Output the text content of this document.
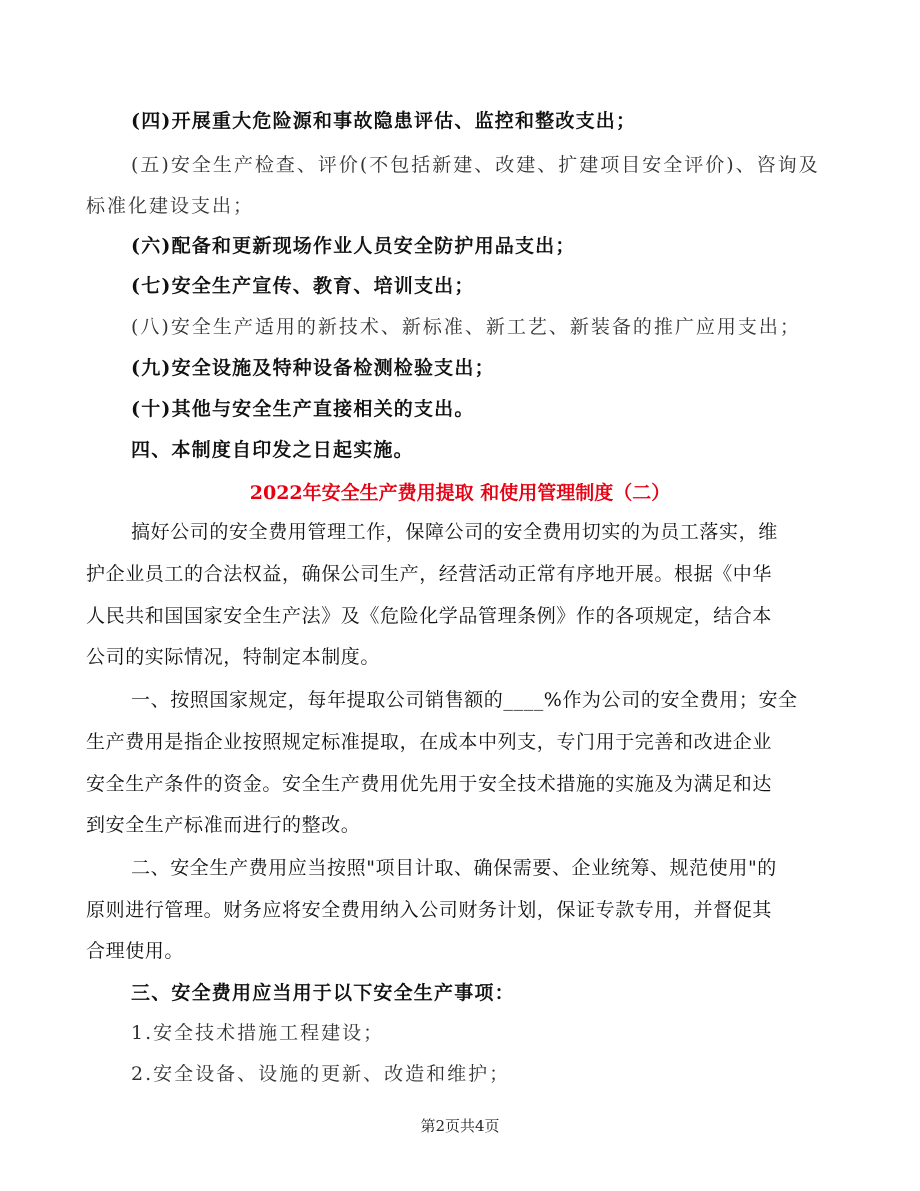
(四)开展重大危险源和事故隐患评估、监控和整改支出；
(五)安全生产检查、评价(不包括新建、改建、扩建项目安全评价)、咨询及
标准化建设支出；
(六)配备和更新现场作业人员安全防护用品支出；
(七)安全生产宣传、教育、培训支出；
(八)安全生产适用的新技术、新标准、新工艺、新装备的推广应用支出；
(九)安全设施及特种设备检测检验支出；
(十)其他与安全生产直接相关的支出。
四、本制度自印发之日起实施。
2022年安全生产费用提取 和使用管理制度（二）
搞好公司的安全费用管理工作，保障公司的安全费用切实的为员工落实，维
护企业员工的合法权益，确保公司生产，经营活动正常有序地开展。根据《中华
人民共和国国家安全生产法》及《危险化学品管理条例》作的各项规定，结合本
公司的实际情况，特制定本制度。
一、按照国家规定，每年提取公司销售额的____%作为公司的安全费用；安全
生产费用是指企业按照规定标准提取，在成本中列支，专门用于完善和改进企业
安全生产条件的资金。安全生产费用优先用于安全技术措施的实施及为满足和达
到安全生产标准而进行的整改。
二、安全生产费用应当按照"项目计取、确保需要、企业统筹、规范使用"的
原则进行管理。财务应将安全费用纳入公司财务计划，保证专款专用，并督促其
合理使用。
三、安全费用应当用于以下安全生产事项：
1.安全技术措施工程建设；
2.安全设备、设施的更新、改造和维护；
第2页共4页
